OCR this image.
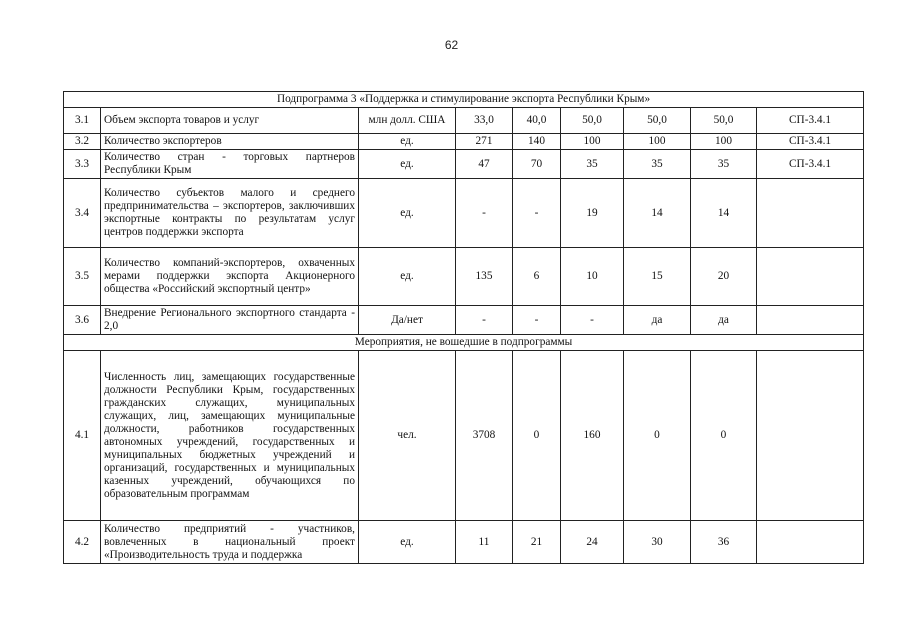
62
Подпрограмма 3 «Поддержка и стимулирование экспорта Республики Крым»								
3.1	Объем экспорта товаров и услуг	млн долл. США	33,0	40,0	50,0	50,0	50,0	СП-3.4.1
3.2	Количество экспортеров	ед.	271	140	100	100	100	СП-3.4.1
3.3	Количество стран - торговых партнеров Республики Крым	ед.	47	70	35	35	35	СП-3.4.1
3.4	Количество субъектов малого и среднего предпринимательства – экспортеров, заключивших экспортные контракты по результатам услуг центров поддержки экспорта	ед.	-	-	19	14	14	
3.5	Количество компаний-экспортеров, охваченных мерами поддержки экспорта Акционерного общества «Российский экспортный центр»	ед.	135	6	10	15	20	
3.6	Внедрение Регионального экспортного стандарта - 2,0	Да/нет	-	-	-	да	да	
Мероприятия, не вошедшие в подпрограммы								
4.1	Численность лиц, замещающих государственные должности Республики Крым, государственных гражданских служащих, муниципальных служащих, лиц, замещающих муниципальные должности, работников государственных автономных учреждений, государственных и муниципальных бюджетных учреждений и организаций, государственных и муниципальных казенных учреждений, обучающихся по образовательным программам	чел.	3708	0	160	0	0	
4.2	Количество предприятий - участников, вовлеченных в национальный проект «Производительность труда и поддержка	ед.	11	21	24	30	36	
